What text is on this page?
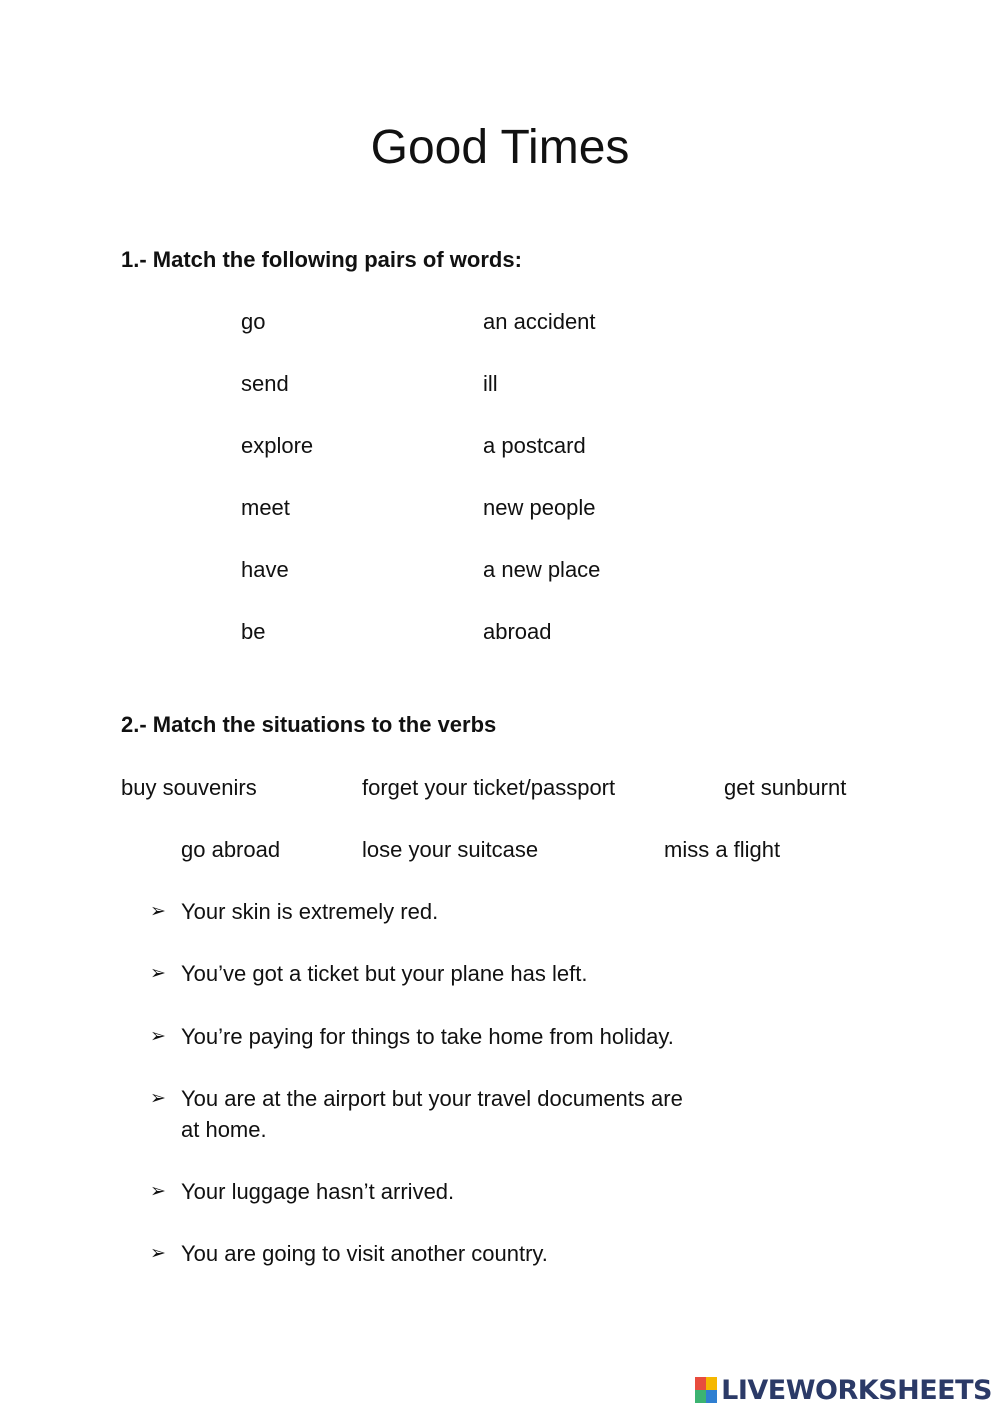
Good Times
1.- Match the following pairs of words:
go	an accident
send	ill
explore	a postcard
meet	new people
have	a new place
be	abroad
2.- Match the situations to the verbs
buy souvenirs	forget your ticket/passport	get sunburnt
go abroad	lose your suitcase	miss a flight
➢ Your skin is extremely red.
➢ You’ve got a ticket but your plane has left.
➢ You’re paying for things to take home from holiday.
➢ You are at the airport but your travel documents are at home.
➢ Your luggage hasn’t arrived.
➢ You are going to visit another country.
LIVEWORKSHEETS
